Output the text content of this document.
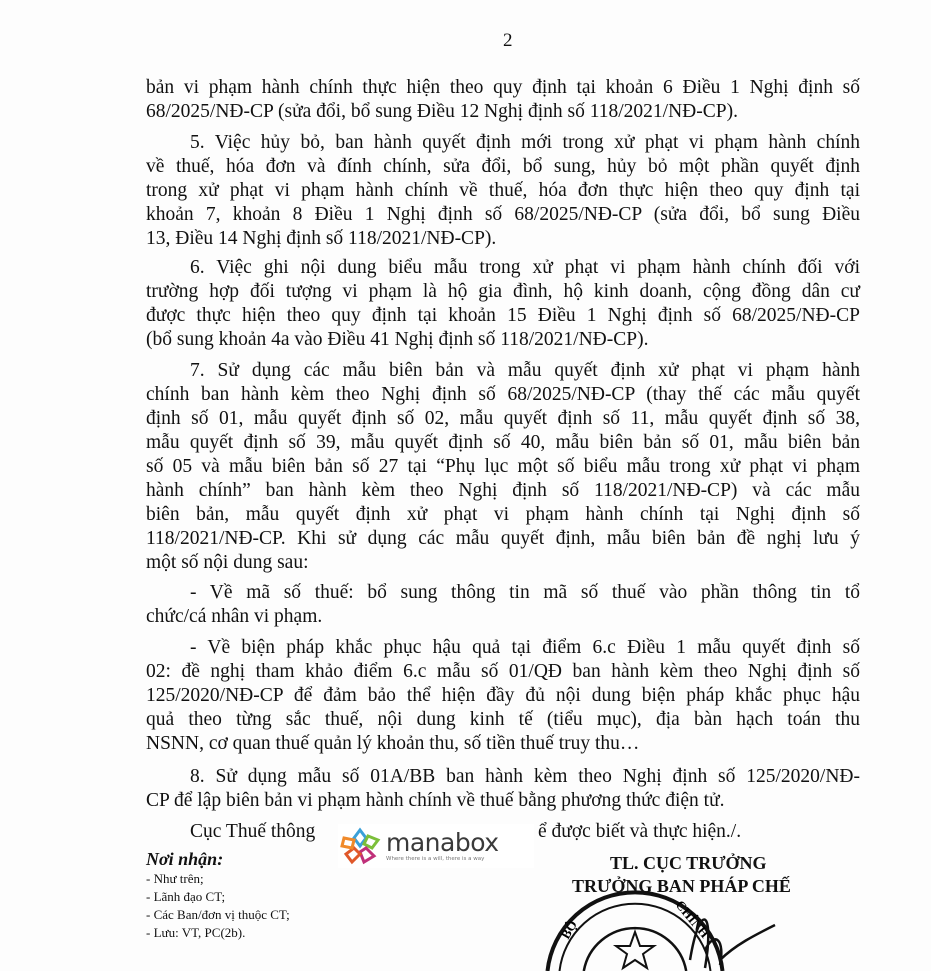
2
bản vi phạm hành chính thực hiện theo quy định tại khoản 6 Điều 1 Nghị định số
68/2025/NĐ-CP (sửa đổi, bổ sung Điều 12 Nghị định số 118/2021/NĐ-CP).
5. Việc hủy bỏ, ban hành quyết định mới trong xử phạt vi phạm hành chính
về thuế, hóa đơn và đính chính, sửa đổi, bổ sung, hủy bỏ một phần quyết định
trong xử phạt vi phạm hành chính về thuế, hóa đơn thực hiện theo quy định tại
khoản 7, khoản 8 Điều 1 Nghị định số 68/2025/NĐ-CP (sửa đổi, bổ sung Điều
13, Điều 14 Nghị định số 118/2021/NĐ-CP).
6. Việc ghi nội dung biểu mẫu trong xử phạt vi phạm hành chính đối với
trường hợp đối tượng vi phạm là hộ gia đình, hộ kinh doanh, cộng đồng dân cư
được thực hiện theo quy định tại khoản 15 Điều 1 Nghị định số 68/2025/NĐ-CP
(bổ sung khoản 4a vào Điều 41 Nghị định số 118/2021/NĐ-CP).
7. Sử dụng các mẫu biên bản và mẫu quyết định xử phạt vi phạm hành
chính ban hành kèm theo Nghị định số 68/2025/NĐ-CP (thay thế các mẫu quyết
định số 01, mẫu quyết định số 02, mẫu quyết định số 11, mẫu quyết định số 38,
mẫu quyết định số 39, mẫu quyết định số 40, mẫu biên bản số 01, mẫu biên bản
số 05 và mẫu biên bản số 27 tại “Phụ lục một số biểu mẫu trong xử phạt vi phạm
hành chính” ban hành kèm theo Nghị định số 118/2021/NĐ-CP) và các mẫu
biên bản, mẫu quyết định xử phạt vi phạm hành chính tại Nghị định số
118/2021/NĐ-CP. Khi sử dụng các mẫu quyết định, mẫu biên bản đề nghị lưu ý
một số nội dung sau:
- Về mã số thuế: bổ sung thông tin mã số thuế vào phần thông tin tổ
chức/cá nhân vi phạm.
- Về biện pháp khắc phục hậu quả tại điểm 6.c Điều 1 mẫu quyết định số
02: đề nghị tham khảo điểm 6.c mẫu số 01/QĐ ban hành kèm theo Nghị định số
125/2020/NĐ-CP để đảm bảo thể hiện đầy đủ nội dung biện pháp khắc phục hậu
quả theo từng sắc thuế, nội dung kinh tế (tiểu mục), địa bàn hạch toán thu
NSNN, cơ quan thuế quản lý khoản thu, số tiền thuế truy thu…
8. Sử dụng mẫu số 01A/BB ban hành kèm theo Nghị định số 125/2020/NĐ-
CP để lập biên bản vi phạm hành chính về thuế bằng phương thức điện tử.
Cục Thuế thông	ể được biết và thực hiện./.
manabox
Where there is a will, there is a way
Nơi nhận:
- Như trên;
- Lãnh đạo CT;
- Các Ban/đơn vị thuộc CT;
- Lưu: VT, PC(2b).
TL. CỤC TRƯỞNG
TRƯỞNG BAN PHÁP CHẾ
BỘ	CHÍNH
